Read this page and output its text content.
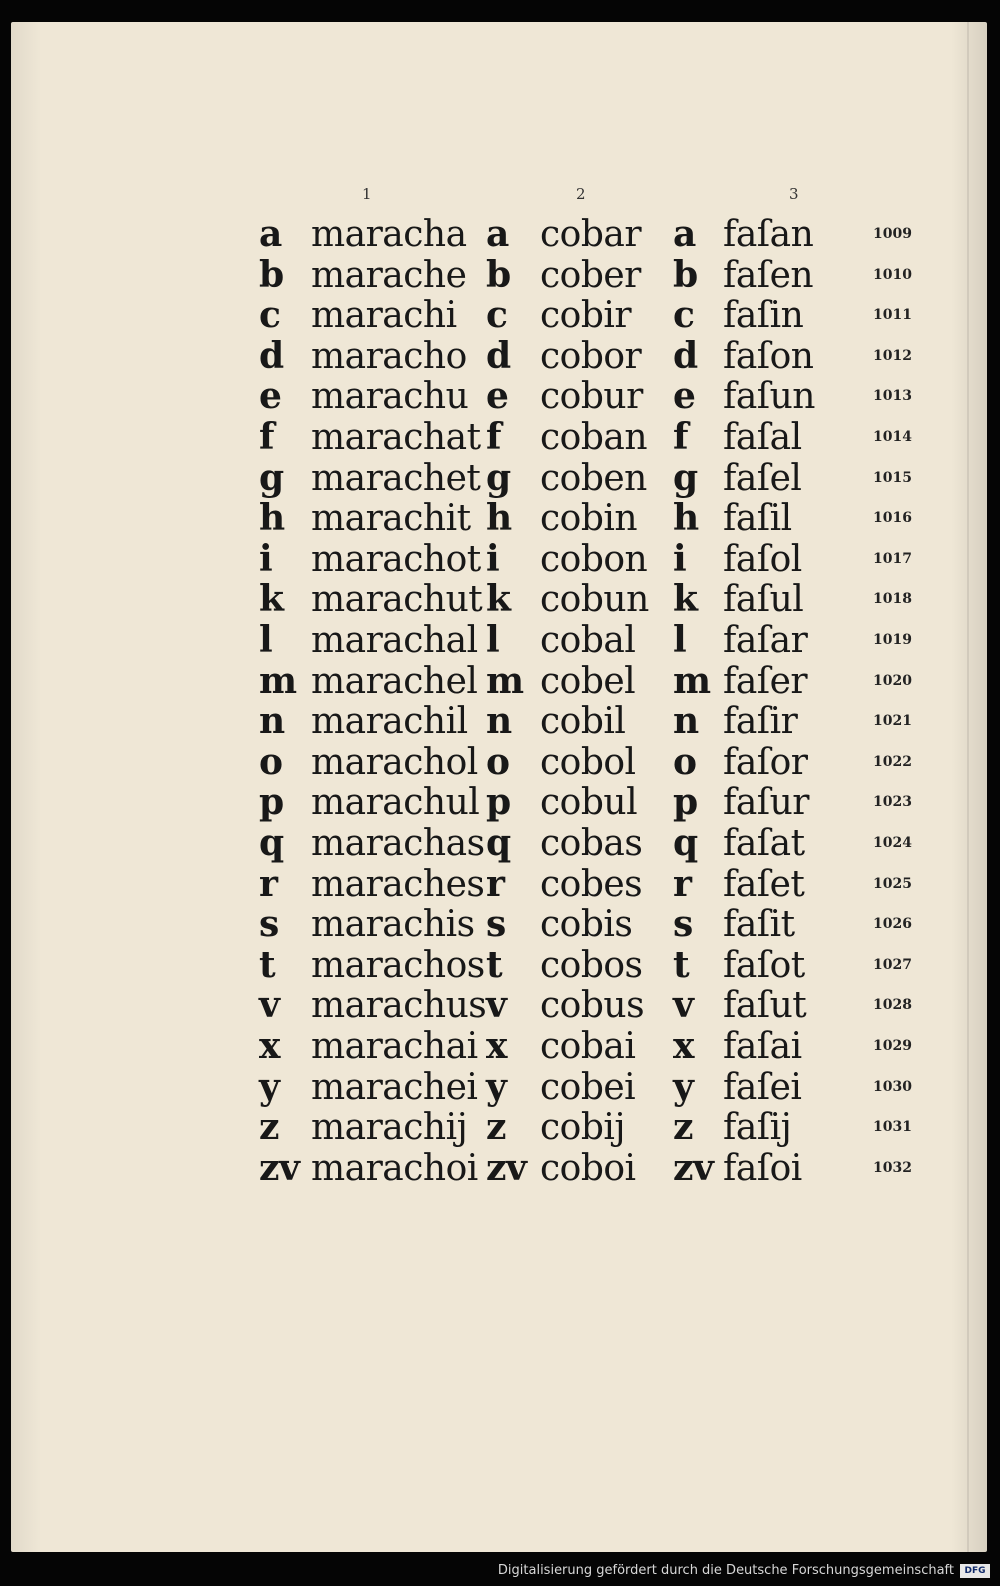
1	2	3
a maracha a cobar a faſan	1009
b marache b cober b faſen	1010
c marachi c cobir c faſin	1011
d maracho d cobor d faſon	1012
e marachu e cobur e faſun	1013
f marachat f coban f faſal	1014
g marachet g coben g faſel	1015
h marachit h cobin h faſil	1016
i marachot i cobon i faſol	1017
k marachut k cobun k faſul	1018
l marachal l cobal l faſar	1019
m marachel m cobel m faſer	1020
n marachil n cobil n faſir	1021
o marachol o cobol o faſor	1022
p marachul p cobul p faſur	1023
q marachas q cobas q faſat	1024
r maraches r cobes r faſet	1025
s marachis s cobis s faſit	1026
t marachos t cobos t faſot	1027
v marachus v cobus v faſut	1028
x marachai x cobai x faſai	1029
y marachei y cobei y faſei	1030
z marachij z cobij z faſij	1031
zv marachoi zv coboi zv faſoi	1032
Digitalisierung gefördert durch die Deutsche Forschungsgemeinschaft	DFG
